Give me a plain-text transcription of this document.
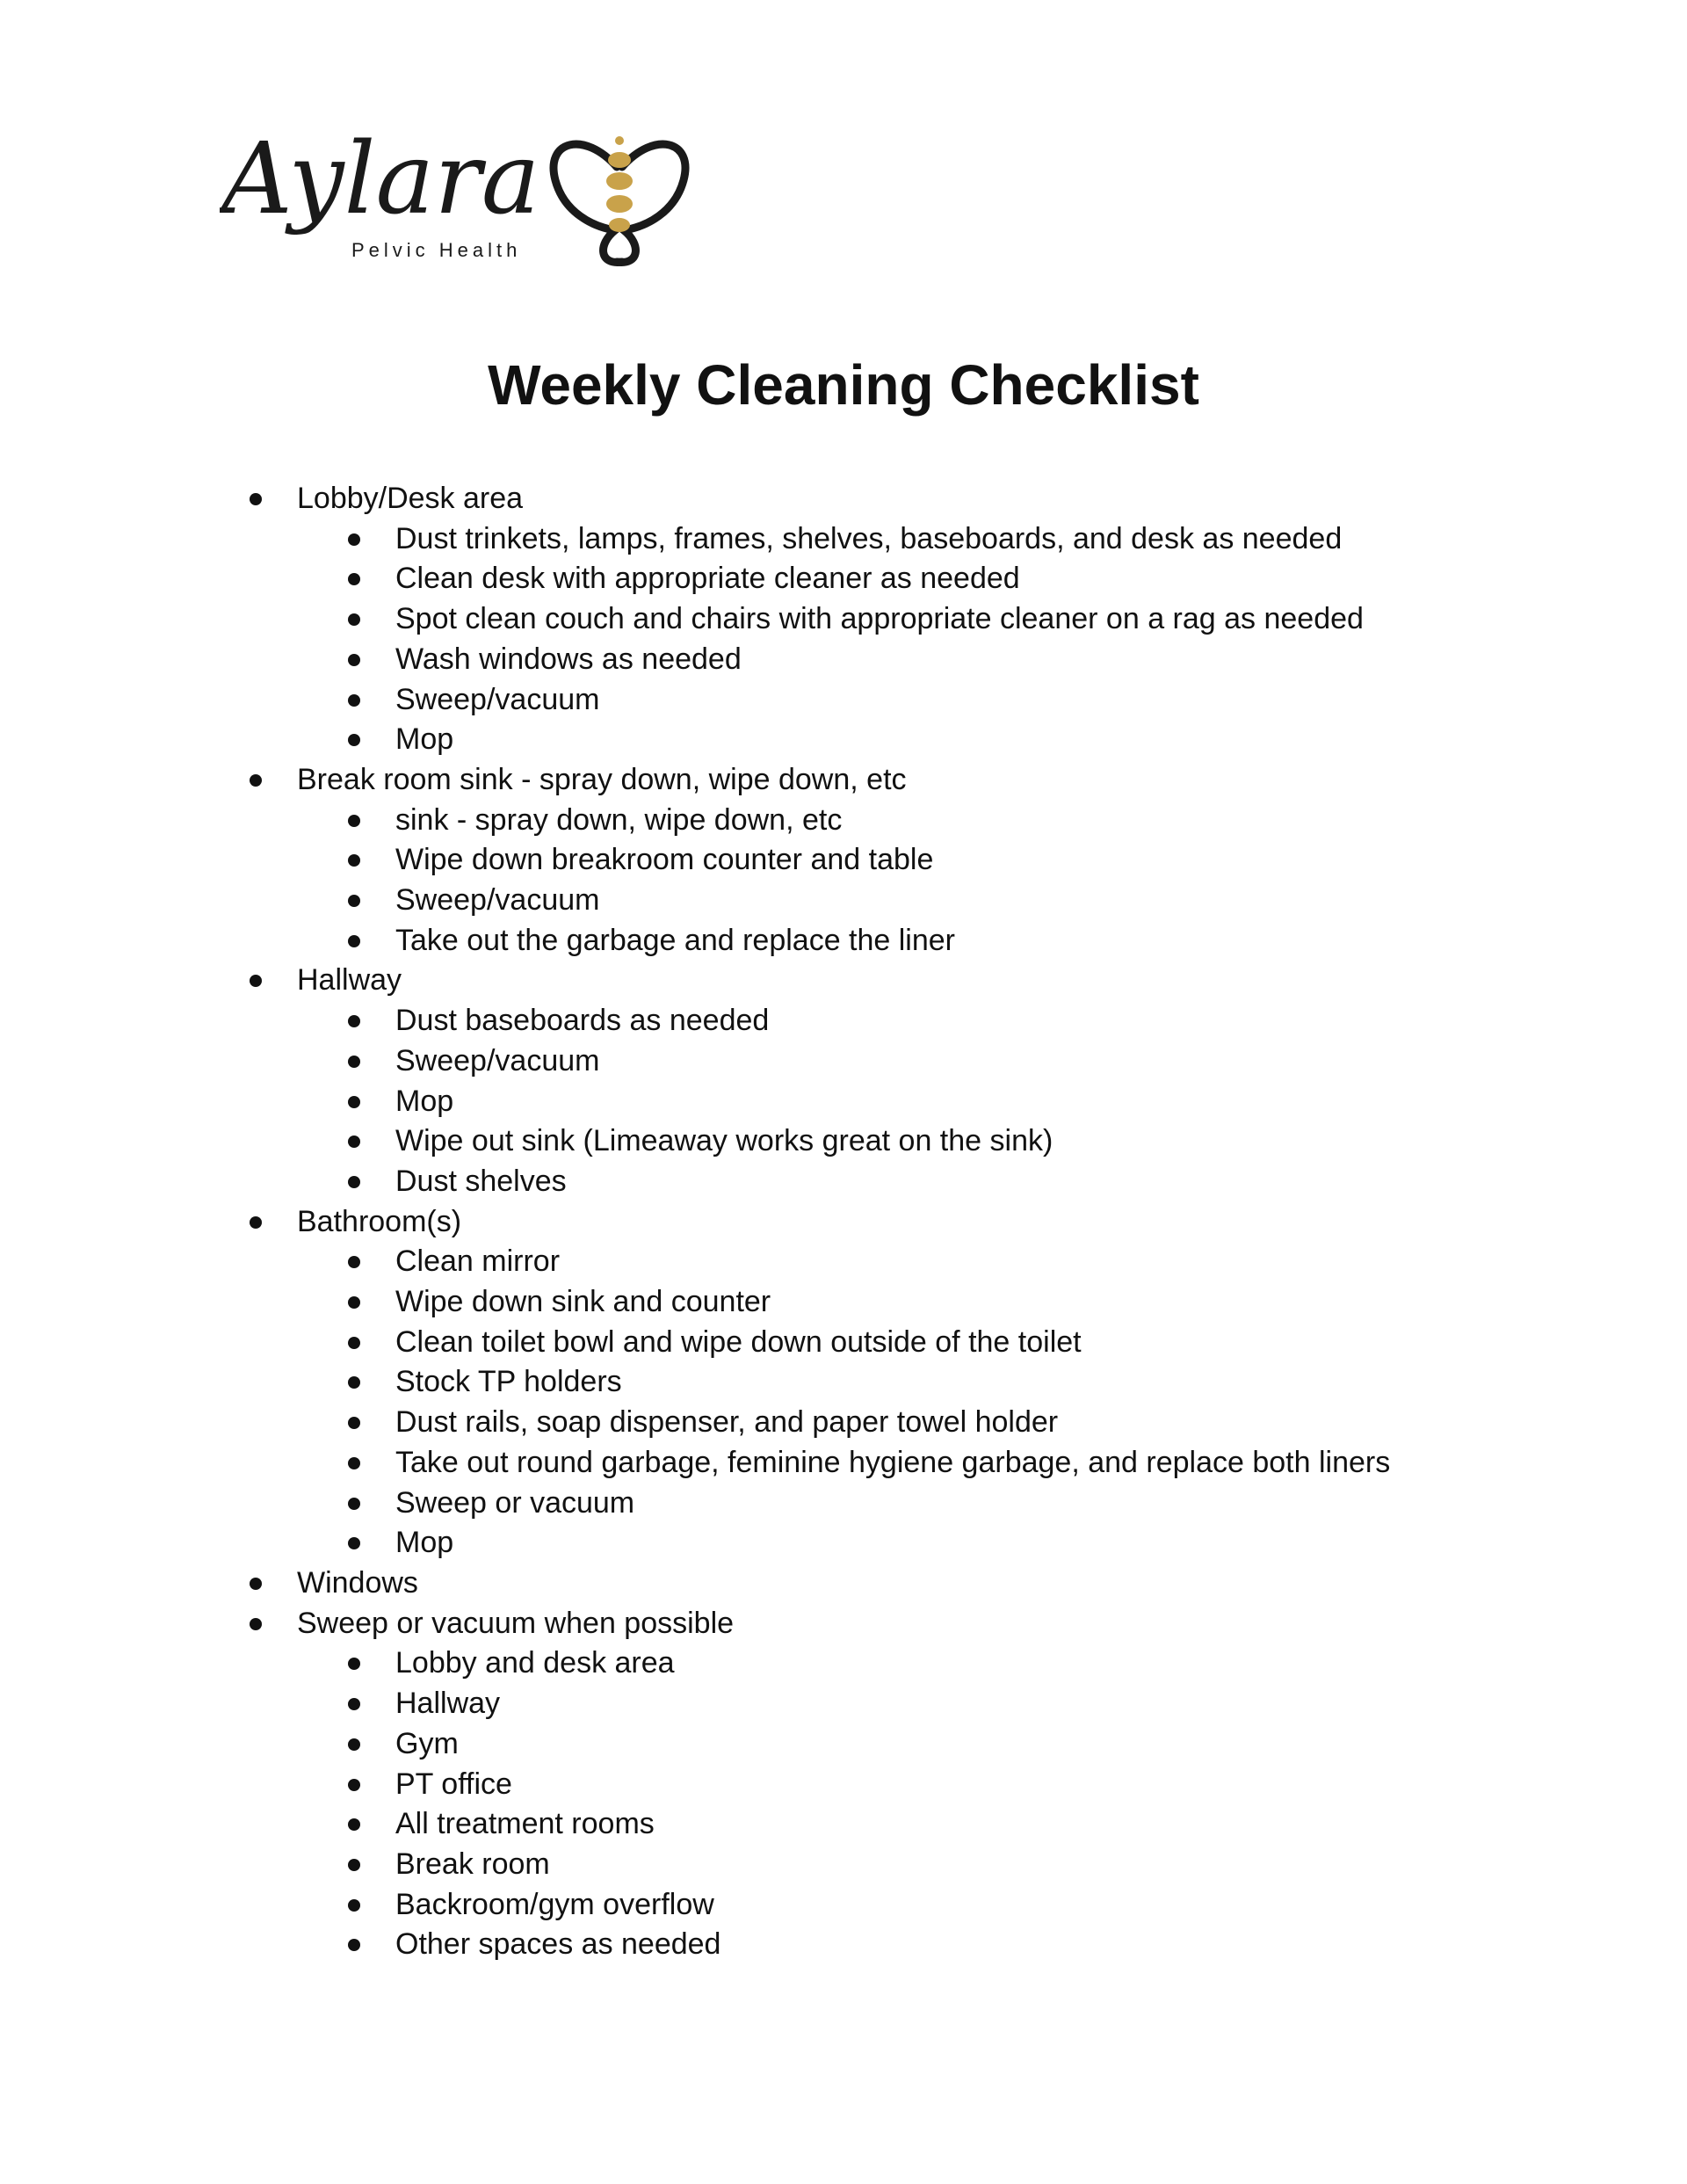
Aylara
Pelvic Health
Weekly Cleaning Checklist
Lobby/Desk area
Dust trinkets, lamps, frames, shelves, baseboards, and desk as needed
Clean desk with appropriate cleaner as needed
Spot clean couch and chairs with appropriate cleaner on a rag as needed
Wash windows as needed
Sweep/vacuum
Mop
Break room sink - spray down, wipe down, etc
sink - spray down, wipe down, etc
Wipe down breakroom counter and table
Sweep/vacuum
Take out the garbage and replace the liner
Hallway
Dust baseboards as needed
Sweep/vacuum
Mop
Wipe out sink (Limeaway works great on the sink)
Dust shelves
Bathroom(s)
Clean mirror
Wipe down sink and counter
Clean toilet bowl and wipe down outside of the toilet
Stock TP holders
Dust rails, soap dispenser, and paper towel holder
Take out round garbage, feminine hygiene garbage, and replace both liners
Sweep or vacuum
Mop
Windows
Sweep or vacuum when possible
Lobby and desk area
Hallway
Gym
PT office
All treatment rooms
Break room
Backroom/gym overflow
Other spaces as needed
